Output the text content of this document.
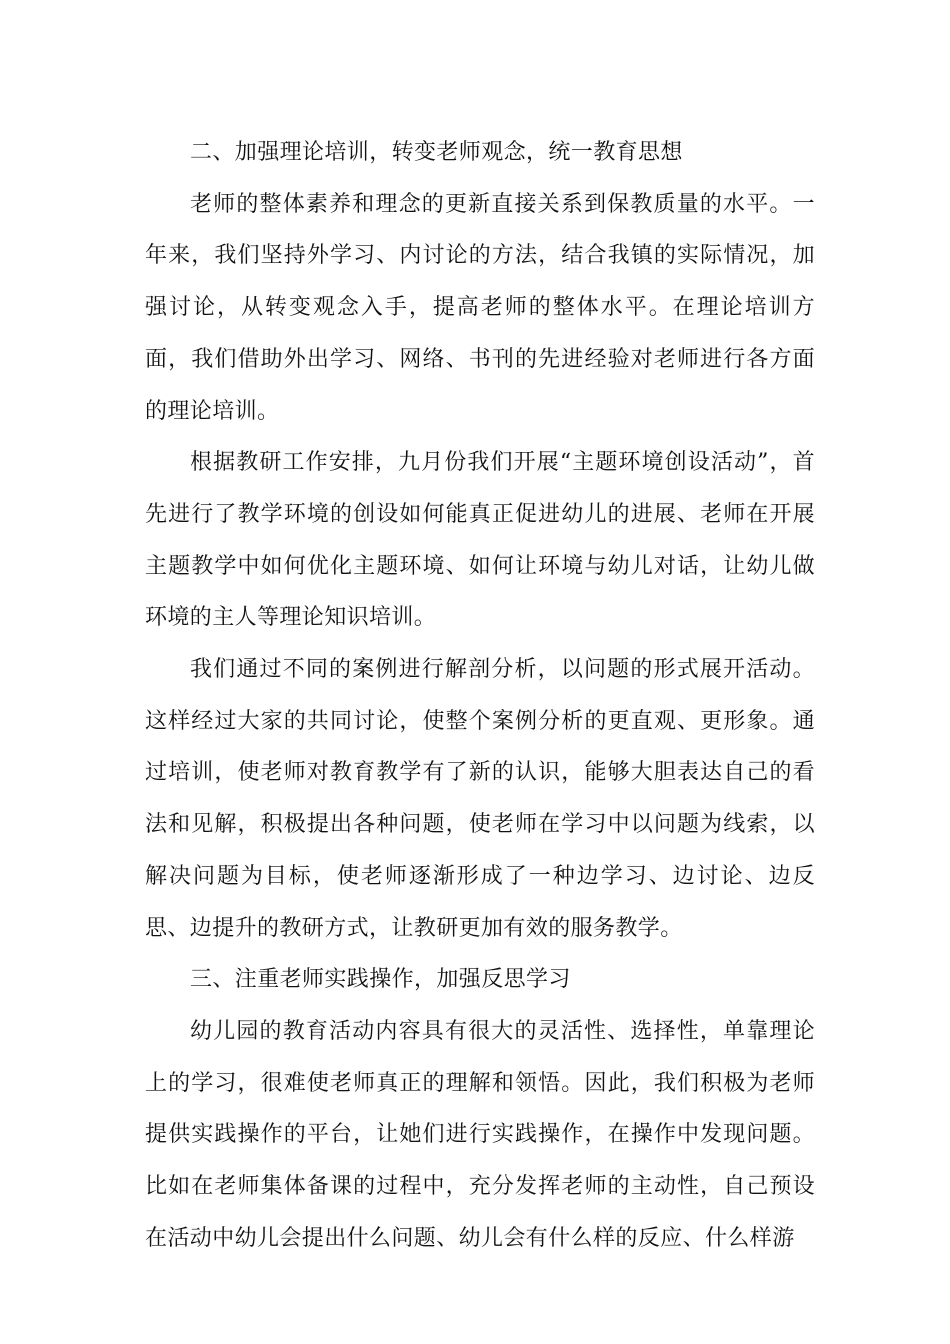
二、加强理论培训，转变老师观念，统一教育思想

老师的整体素养和理念的更新直接关系到保教质量的水平。一年来，我们坚持外学习、内讨论的方法，结合我镇的实际情况，加强讨论，从转变观念入手，提高老师的整体水平。在理论培训方面，我们借助外出学习、网络、书刊的先进经验对老师进行各方面的理论培训。

根据教研工作安排，九月份我们开展“主题环境创设活动”，首先进行了教学环境的创设如何能真正促进幼儿的进展、老师在开展主题教学中如何优化主题环境、如何让环境与幼儿对话，让幼儿做环境的主人等理论知识培训。

我们通过不同的案例进行解剖分析，以问题的形式展开活动。这样经过大家的共同讨论，使整个案例分析的更直观、更形象。通过培训，使老师对教育教学有了新的认识，能够大胆表达自己的看法和见解，积极提出各种问题，使老师在学习中以问题为线索，以解决问题为目标，使老师逐渐形成了一种边学习、边讨论、边反思、边提升的教研方式，让教研更加有效的服务教学。

三、注重老师实践操作，加强反思学习

幼儿园的教育活动内容具有很大的灵活性、选择性，单靠理论上的学习，很难使老师真正的理解和领悟。因此，我们积极为老师提供实践操作的平台，让她们进行实践操作，在操作中发现问题。比如在老师集体备课的过程中，充分发挥老师的主动性，自己预设在活动中幼儿会提出什么问题、幼儿会有什么样的反应、什么样游
